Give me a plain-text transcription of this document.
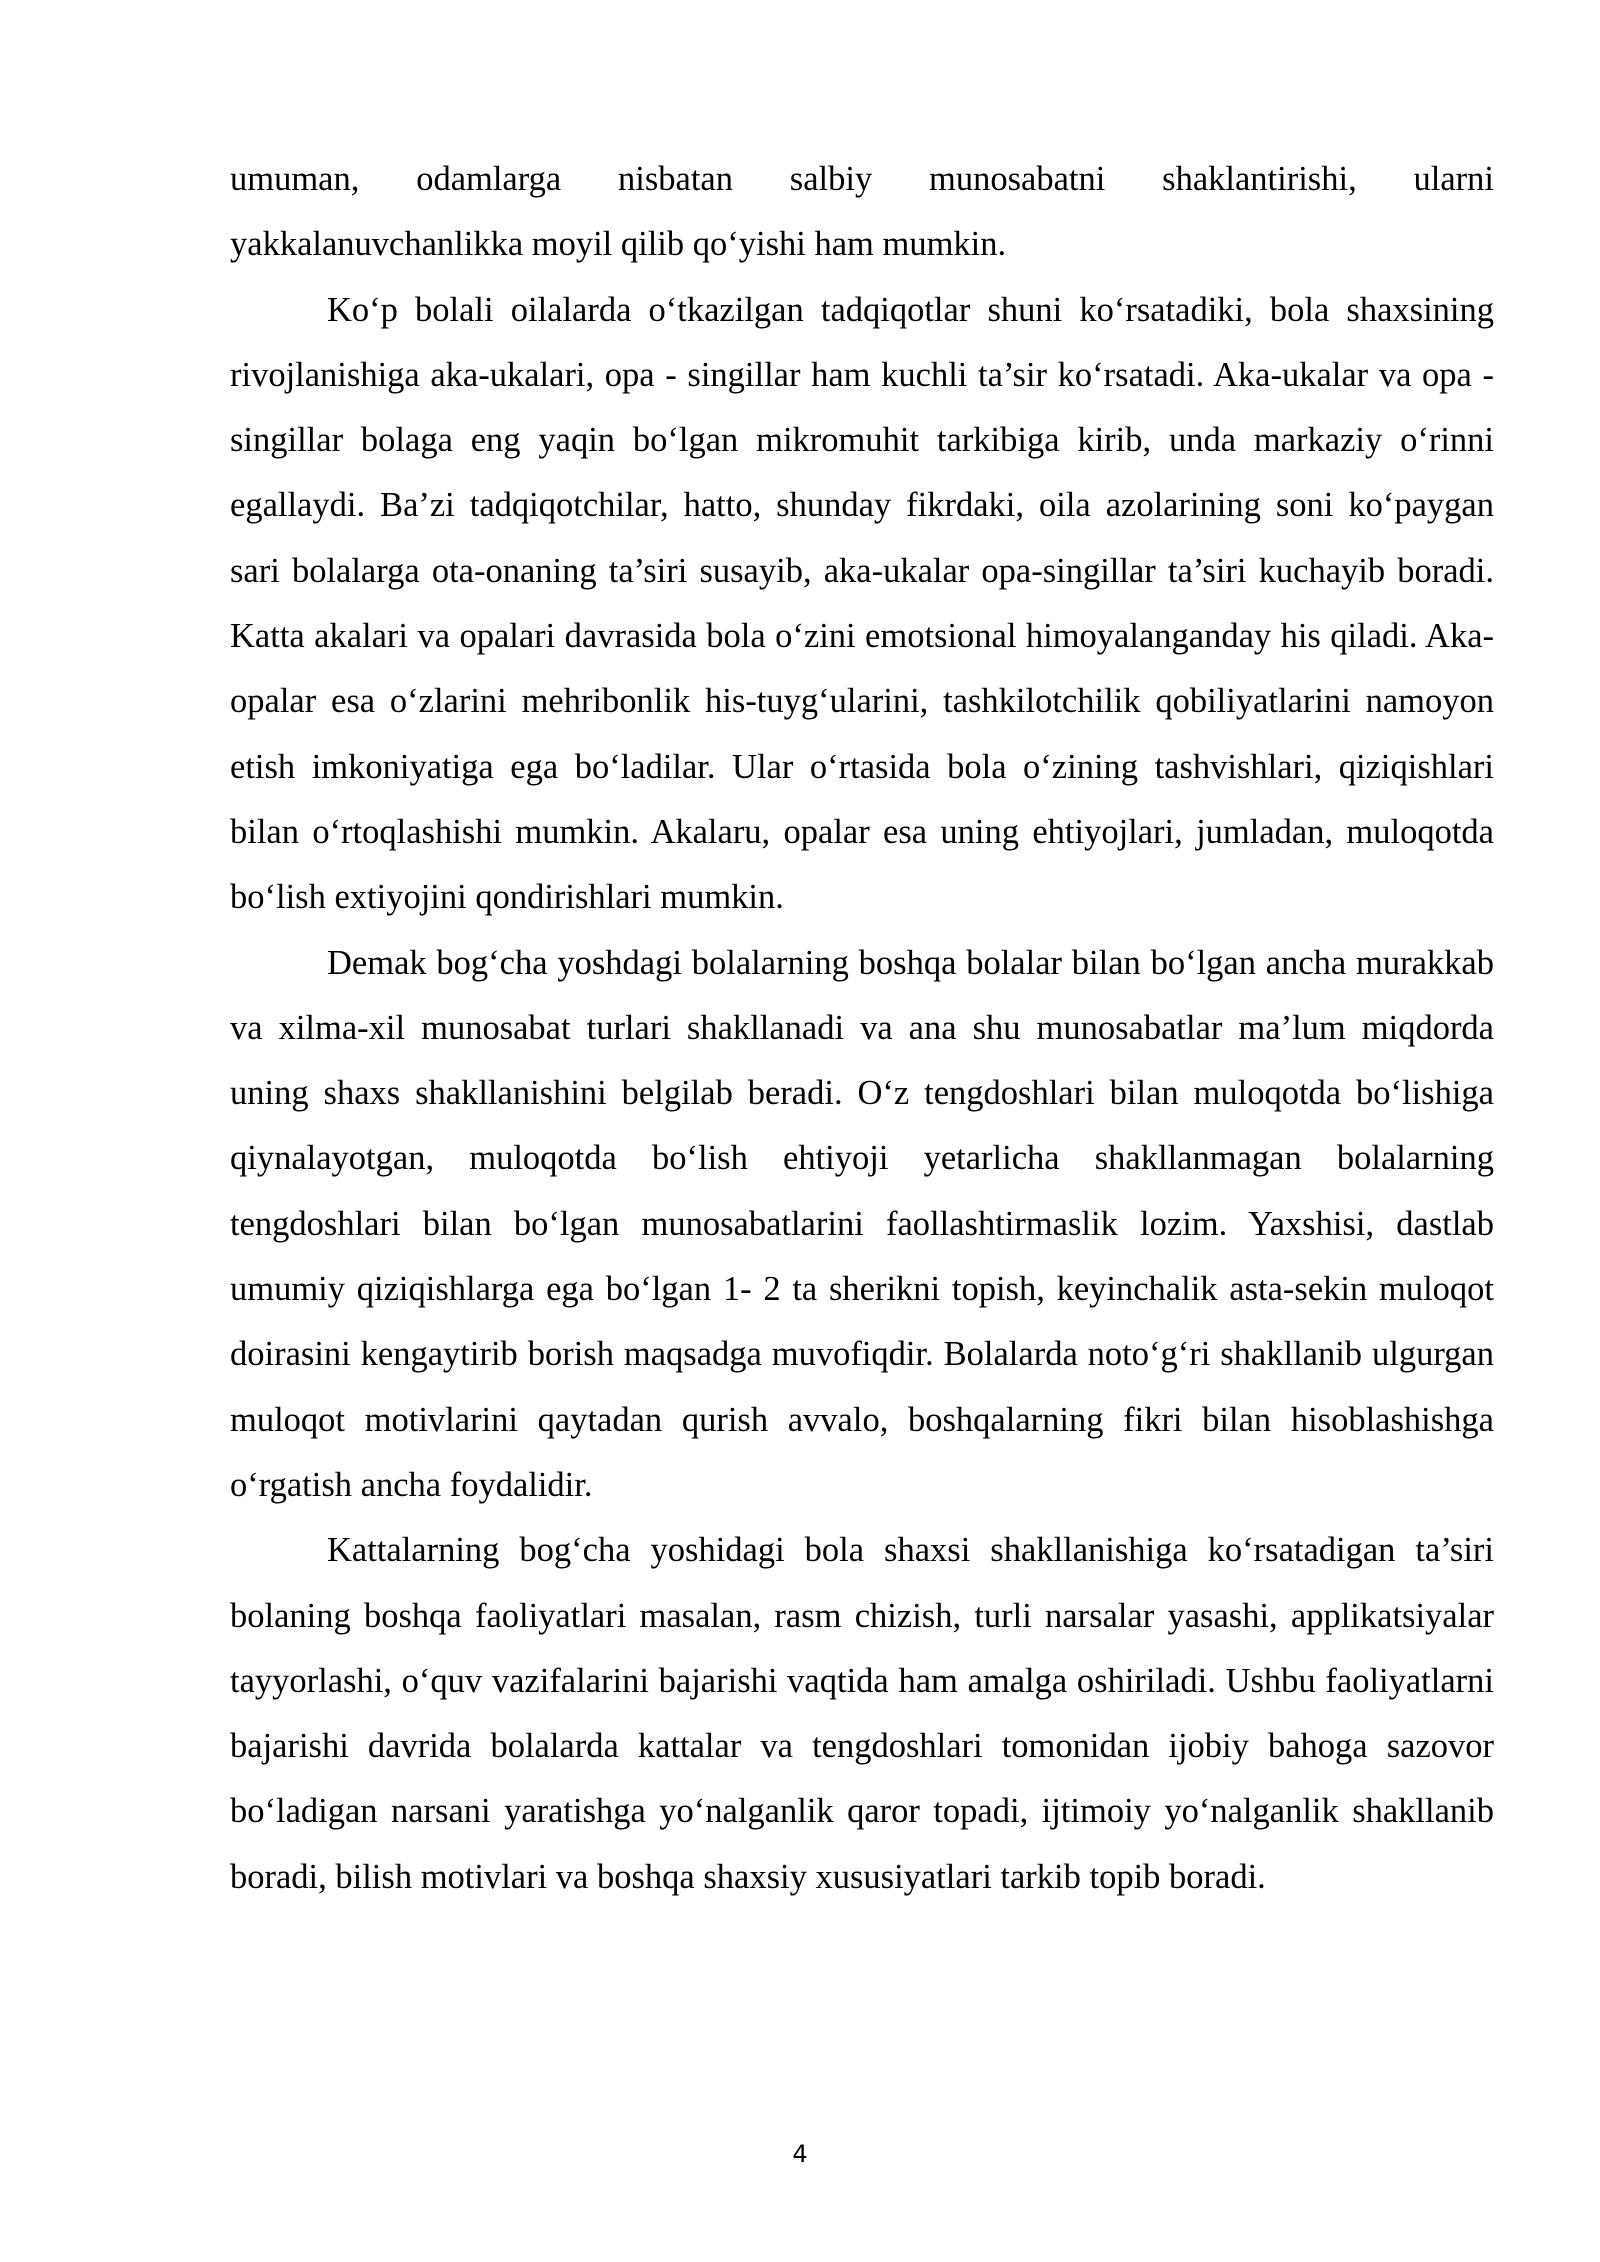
umuman, odamlarga nisbatan salbiy munosabatni shaklantirishi, ularni yakkalanuvchanlikka moyil qilib qo‘yishi ham mumkin.

Ko‘p bolali oilalarda o‘tkazilgan tadqiqotlar shuni ko‘rsatadiki, bola shaxsining rivojlanishiga aka-ukalari, opa - singillar ham kuchli ta’sir ko‘rsatadi. Aka-ukalar va opa - singillar bolaga eng yaqin bo‘lgan mikromuhit tarkibiga kirib, unda markaziy o‘rinni egallaydi. Ba’zi tadqiqotchilar, hatto, shunday fikrdaki, oila azolarining soni ko‘paygan sari bolalarga ota-onaning ta’siri susayib, aka-ukalar opa-singillar ta’siri kuchayib boradi. Katta akalari va opalari davrasida bola o‘zini emotsional himoyalanganday his qiladi. Aka-opalar esa o‘zlarini mehribonlik his-tuyg‘ularini, tashkilotchilik qobiliyatlarini namoyon etish imkoniyatiga ega bo‘ladilar. Ular o‘rtasida bola o‘zining tashvishlari, qiziqishlari bilan o‘rtoqlashishi mumkin. Akalaru, opalar esa uning ehtiyojlari, jumladan, muloqotda bo‘lish extiyojini qondirishlari mumkin.

Demak bog‘cha yoshdagi bolalarning boshqa bolalar bilan bo‘lgan ancha murakkab va xilma-xil munosabat turlari shakllanadi va ana shu munosabatlar ma’lum miqdorda uning shaxs shakllanishini belgilab beradi. O‘z tengdoshlari bilan muloqotda bo‘lishiga qiynalayotgan, muloqotda bo‘lish ehtiyoji yetarlicha shakllanmagan bolalarning tengdoshlari bilan bo‘lgan munosabatlarini faollashtirmaslik lozim. Yaxshisi, dastlab umumiy qiziqishlarga ega bo‘lgan 1- 2 ta sherikni topish, keyinchalik asta-sekin muloqot doirasini kengaytirib borish maqsadga muvofiqdir. Bolalarda noto‘g‘ri shakllanib ulgurgan muloqot motivlarini qaytadan qurish avvalo, boshqalarning fikri bilan hisoblashishga o‘rgatish ancha foydalidir.

Kattalarning bog‘cha yoshidagi bola shaxsi shakllanishiga ko‘rsatadigan ta’siri bolaning boshqa faoliyatlari masalan, rasm chizish, turli narsalar yasashi, applikatsiyalar tayyorlashi, o‘quv vazifalarini bajarishi vaqtida ham amalga oshiriladi. Ushbu faoliyatlarni bajarishi davrida bolalarda kattalar va tengdoshlari tomonidan ijobiy bahoga sazovor bo‘ladigan narsani yaratishga yo‘nalganlik qaror topadi, ijtimoiy yo‘nalganlik shakllanib boradi, bilish motivlari va boshqa shaxsiy xususiyatlari tarkib topib boradi.

4
